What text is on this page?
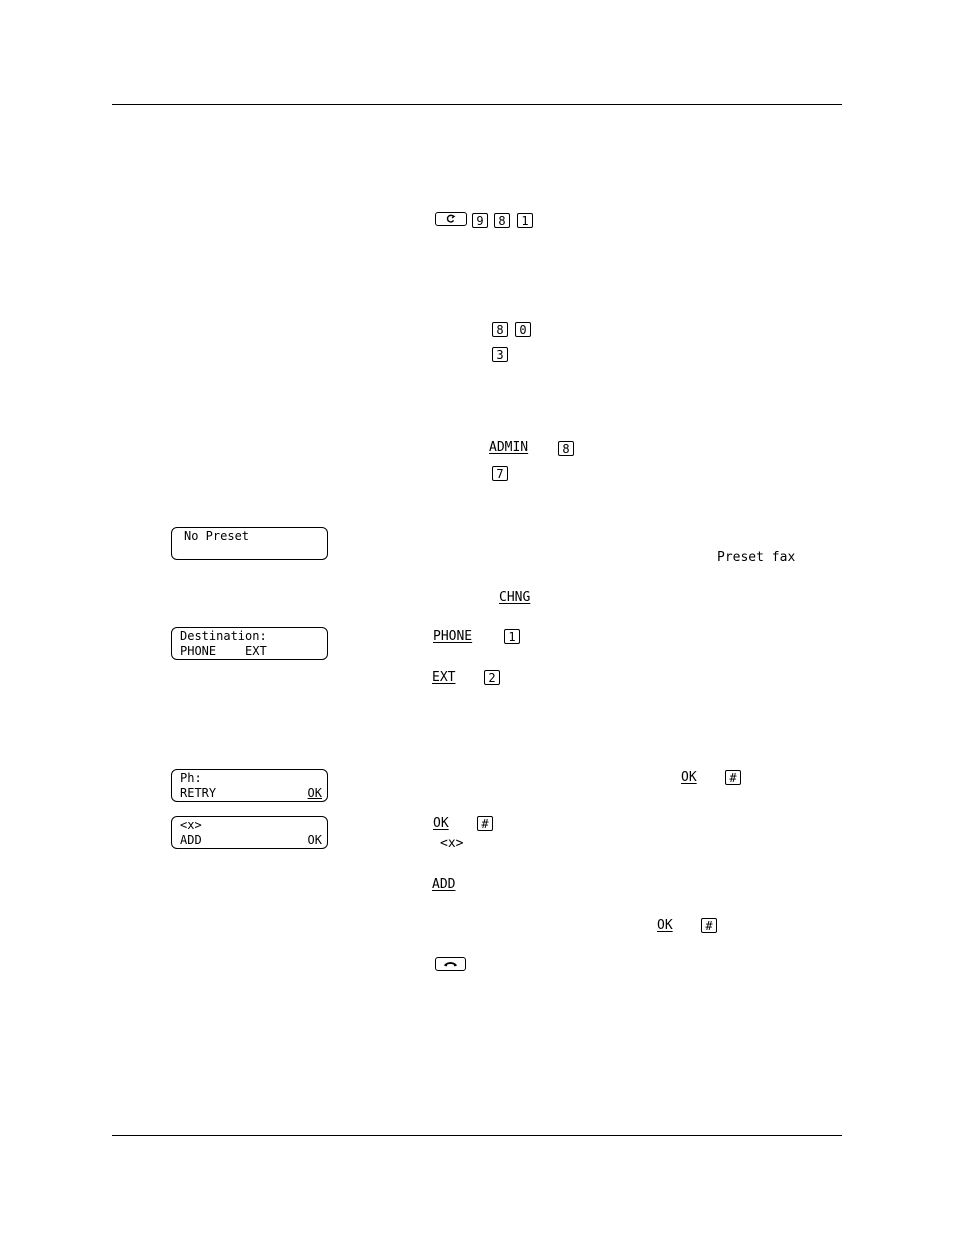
9	8	1
8	0
3
ADMIN	8
7
No Preset
Preset fax
CHNG
Destination:
PHONE EXT
PHONE	1
EXT	2
Ph:
RETRY	OK
OK	#
<x>
ADD	OK
OK	#
<x>
ADD
OK	#
